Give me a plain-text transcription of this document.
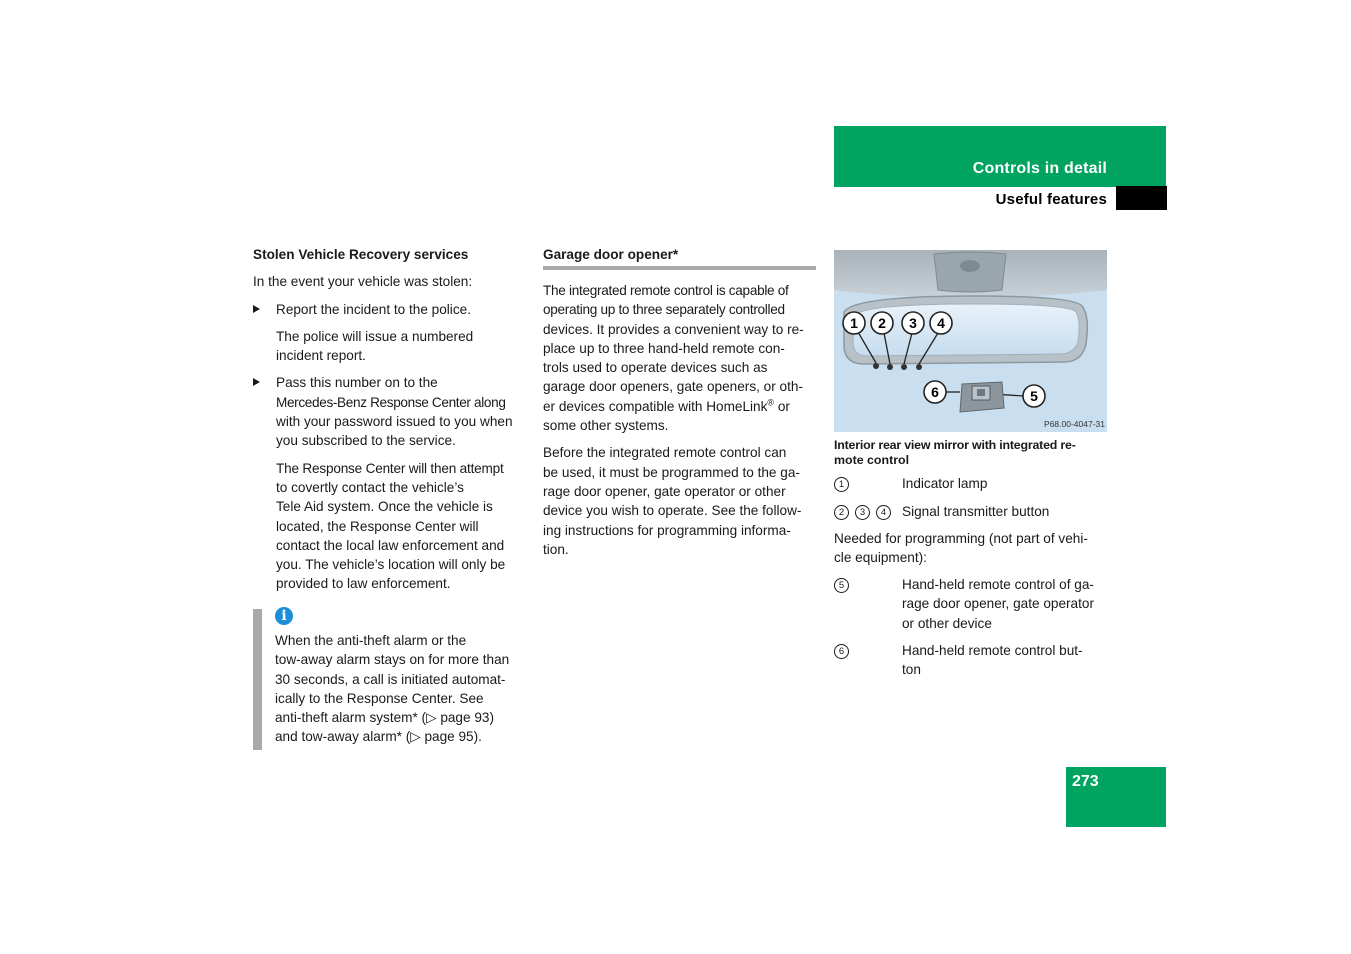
Controls in detail
Useful features

Stolen Vehicle Recovery services

In the event your vehicle was stolen:

Report the incident to the police.
The police will issue a numbered
incident report.
Pass this number on to the
Mercedes-Benz Response Center along
with your password issued to you when
you subscribed to the service.
The Response Center will then attempt
to covertly contact the vehicle’s
Tele Aid system. Once the vehicle is
located, the Response Center will
contact the local law enforcement and
you. The vehicle’s location will only be
provided to law enforcement.
i
When the anti-theft alarm or the
tow-away alarm stays on for more than
30 seconds, a call is initiated automat-
ically to the Response Center. See
anti-theft alarm system* (▷ page 93)
and tow-away alarm* (▷ page 95).

Garage door opener*

The integrated remote control is capable of
operating up to three separately controlled
devices. It provides a convenient way to re-
place up to three hand-held remote con-
trols used to operate devices such as
garage door openers, gate openers, or oth-
er devices compatible with HomeLink® or
some other systems.
Before the integrated remote control can
be used, it must be programmed to the ga-
rage door opener, gate operator or other
device you wish to operate. See the follow-
ing instructions for programming informa-
tion.
1 2 3 4
5
6
P68.00-4047-31
Interior rear view mirror with integrated re-
mote control
1	Indicator lamp
2 3 4	Signal transmitter button
Needed for programming (not part of vehi-
cle equipment):
5	Hand-held remote control of ga-
rage door opener, gate operator
or other device
6	Hand-held remote control but-
ton
273
